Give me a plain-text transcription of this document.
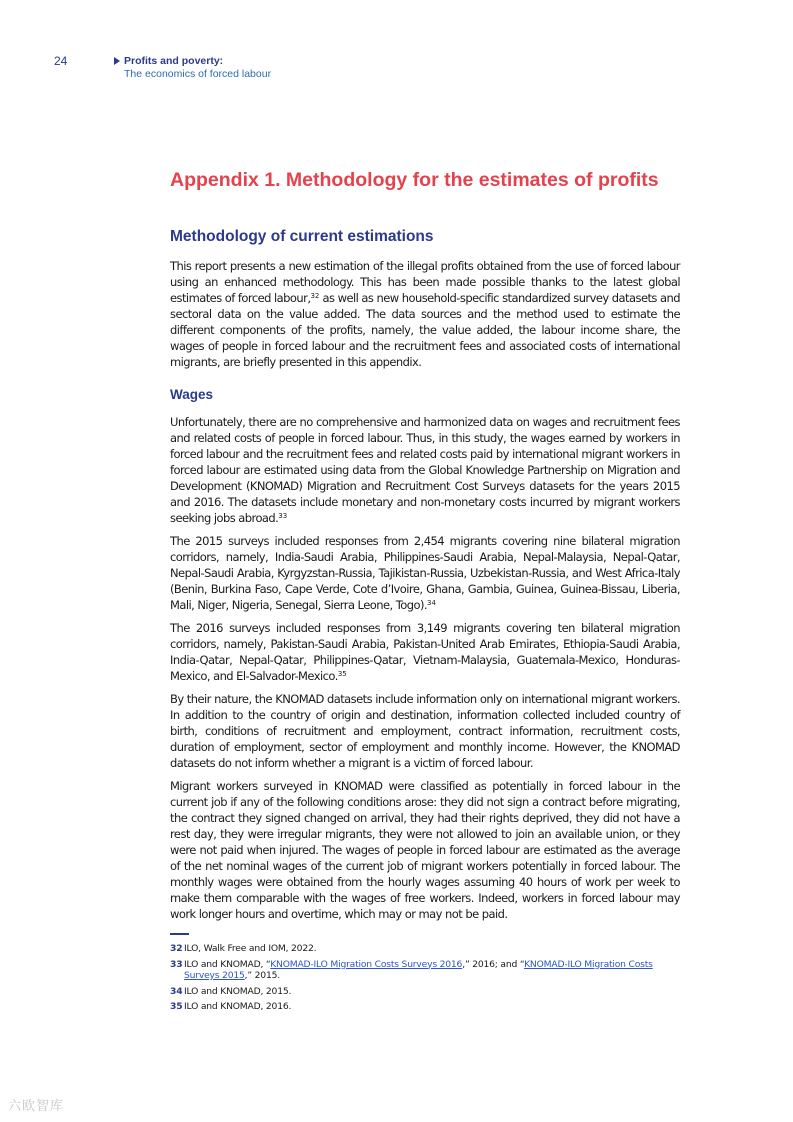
24	Profits and poverty:
The economics of forced labour
Appendix 1. Methodology for the estimates of profits
Methodology of current estimations

This report presents a new estimation of the illegal profits obtained from the use of forced labour using an enhanced methodology. This has been made possible thanks to the latest global estimates of forced labour,$^{32}$ as well as new household-specific standardized survey datasets and sectoral data on the value added. The data sources and the method used to estimate the different components of the profits, namely, the value added, the labour income share, the wages of people in forced labour and the recruitment fees and associated costs of international migrants, are briefly presented in this appendix.

Wages

Unfortunately, there are no comprehensive and harmonized data on wages and recruitment fees and related costs of people in forced labour. Thus, in this study, the wages earned by workers in forced labour and the recruitment fees and related costs paid by international migrant workers in forced labour are estimated using data from the Global Knowledge Partnership on Migration and Development (KNOMAD) Migration and Recruitment Cost Surveys datasets for the years 2015 and 2016. The datasets include monetary and non-monetary costs incurred by migrant workers seeking jobs abroad.$^{33}$

The 2015 surveys included responses from 2,454 migrants covering nine bilateral migration corridors, namely, India-Saudi Arabia, Philippines-Saudi Arabia, Nepal-Malaysia, Nepal-Qatar, Nepal-Saudi Arabia, Kyrgyzstan-Russia, Tajikistan-Russia, Uzbekistan-Russia, and West Africa-Italy (Benin, Burkina Faso, Cape Verde, Cote d’Ivoire, Ghana, Gambia, Guinea, Guinea-Bissau, Liberia, Mali, Niger, Nigeria, Senegal, Sierra Leone, Togo).$^{34}$

The 2016 surveys included responses from 3,149 migrants covering ten bilateral migration corridors, namely, Pakistan-Saudi Arabia, Pakistan-United Arab Emirates, Ethiopia-Saudi Arabia, India-Qatar, Nepal-Qatar, Philippines-Qatar, Vietnam-Malaysia, Guatemala-Mexico, Honduras-Mexico, and El-Salvador-Mexico.$^{35}$

By their nature, the KNOMAD datasets include information only on international migrant workers. In addition to the country of origin and destination, information collected included country of birth, conditions of recruitment and employment, contract information, recruitment costs, duration of employment, sector of employment and monthly income. However, the KNOMAD datasets do not inform whether a migrant is a victim of forced labour.

Migrant workers surveyed in KNOMAD were classified as potentially in forced labour in the current job if any of the following conditions arose: they did not sign a contract before migrating, the contract they signed changed on arrival, they had their rights deprived, they did not have a rest day, they were irregular migrants, they were not allowed to join an available union, or they were not paid when injured. The wages of people in forced labour are estimated as the average of the net nominal wages of the current job of migrant workers potentially in forced labour. The monthly wages were obtained from the hourly wages assuming 40 hours of work per week to make them comparable with the wages of free workers. Indeed, workers in forced labour may work longer hours and overtime, which may or may not be paid.

32 ILO, Walk Free and IOM, 2022.

33 ILO and KNOMAD, “KNOMAD-ILO Migration Costs Surveys 2016,” 2016; and “KNOMAD-ILO Migration Costs Surveys 2015,” 2015.

34 ILO and KNOMAD, 2015.

35 ILO and KNOMAD, 2016.

六欧智库
